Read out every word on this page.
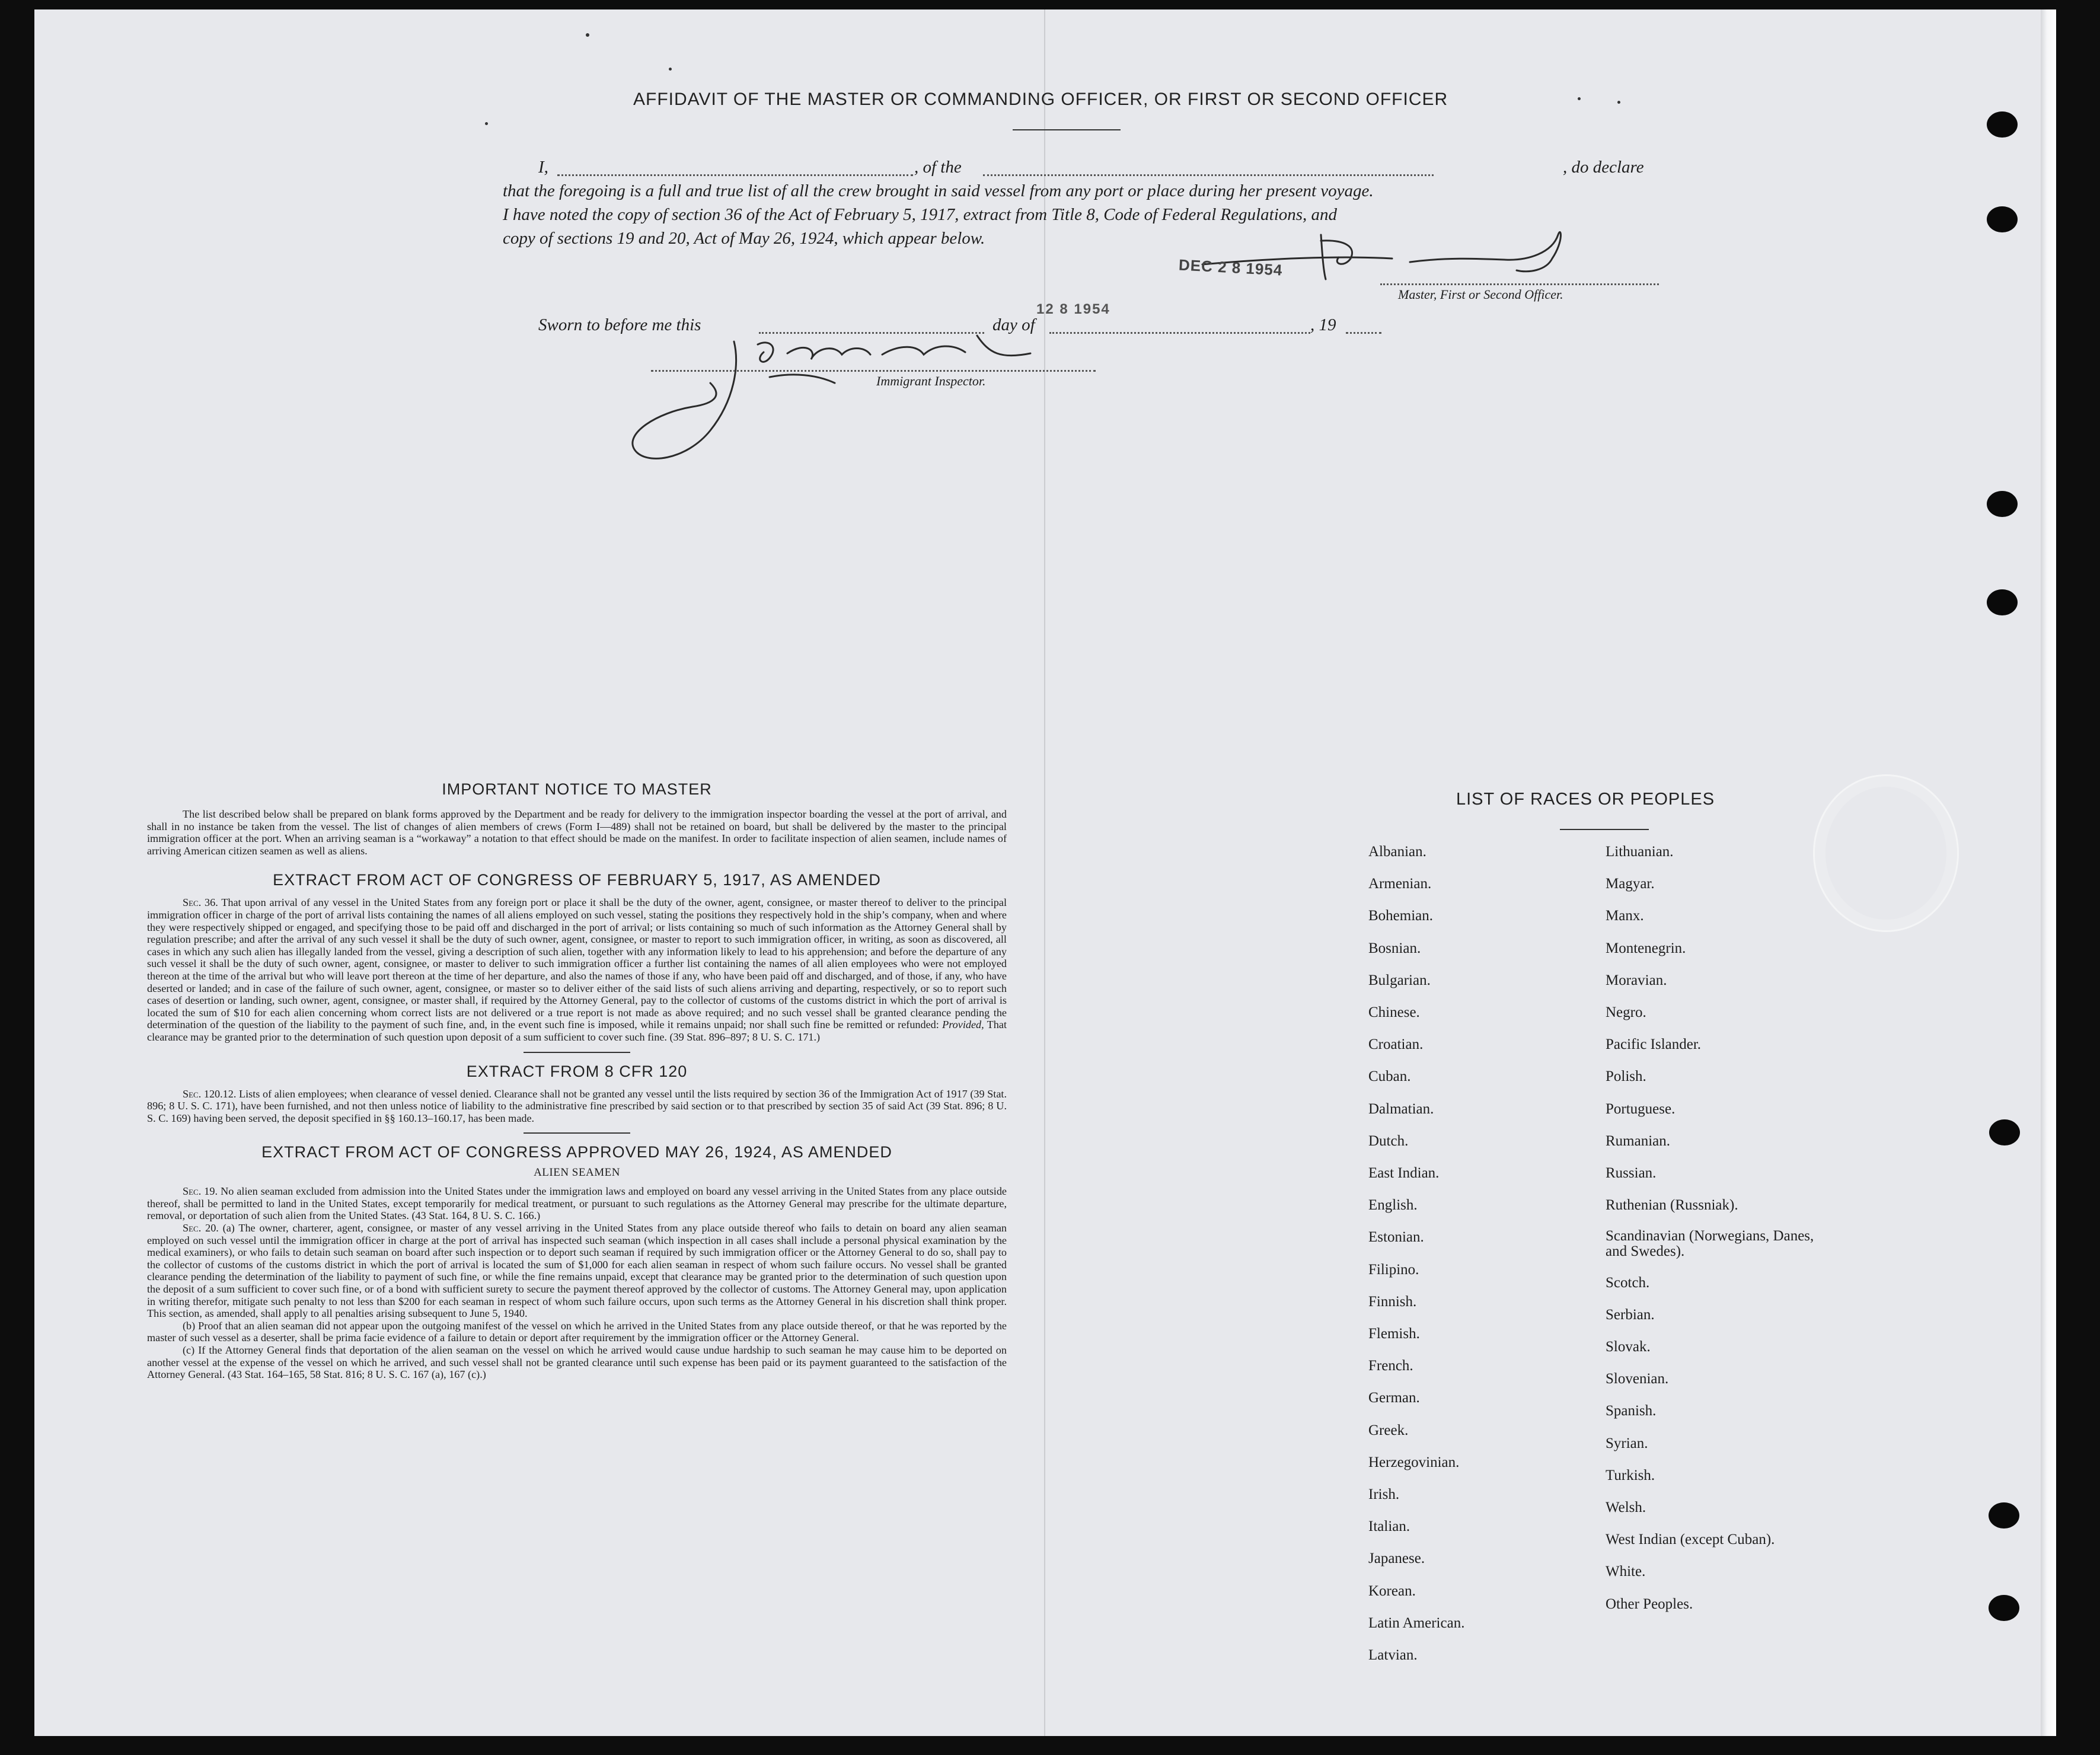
AFFIDAVIT OF THE MASTER OR COMMANDING OFFICER, OR FIRST OR SECOND OFFICER
I,	, of the	, do declare
that the foregoing is a full and true list of all the crew brought in said vessel from any port or place during her present voyage.
I have noted the copy of section 36 of the Act of February 5, 1917, extract from Title 8, Code of Federal Regulations, and
copy of sections 19 and 20, Act of May 26, 1924, which appear below.
DEC 2 8 1954
Master, First or Second Officer.
Sworn to before me this	day of	, 19
12 8 1954
Immigrant Inspector.
IMPORTANT NOTICE TO MASTER

The list described below shall be prepared on blank forms approved by the Department and be ready for delivery to the immigration inspector boarding the vessel at the port of arrival, and shall in no instance be taken from the vessel. The list of changes of alien members of crews (Form I—489) shall not be retained on board, but shall be delivered by the master to the principal immigration officer at the port. When an arriving seaman is a “workaway” a notation to that effect should be made on the manifest. In order to facilitate inspection of alien seamen, include names of arriving American citizen seamen as well as aliens.

EXTRACT FROM ACT OF CONGRESS OF FEBRUARY 5, 1917, AS AMENDED

Sec. 36. That upon arrival of any vessel in the United States from any foreign port or place it shall be the duty of the owner, agent, consignee, or master thereof to deliver to the principal immigration officer in charge of the port of arrival lists containing the names of all aliens employed on such vessel, stating the positions they respectively hold in the ship’s company, when and where they were respectively shipped or engaged, and specifying those to be paid off and discharged in the port of arrival; or lists containing so much of such information as the Attorney General shall by regulation prescribe; and after the arrival of any such vessel it shall be the duty of such owner, agent, consignee, or master to report to such immigration officer, in writing, as soon as discovered, all cases in which any such alien has illegally landed from the vessel, giving a description of such alien, together with any information likely to lead to his apprehension; and before the departure of any such vessel it shall be the duty of such owner, agent, consignee, or master to deliver to such immigration officer a further list containing the names of all alien employees who were not employed thereon at the time of the arrival but who will leave port thereon at the time of her departure, and also the names of those if any, who have been paid off and discharged, and of those, if any, who have deserted or landed; and in case of the failure of such owner, agent, consignee, or master so to deliver either of the said lists of such aliens arriving and departing, respectively, or so to report such cases of desertion or landing, such owner, agent, consignee, or master shall, if required by the Attorney General, pay to the collector of customs of the customs district in which the port of arrival is located the sum of $10 for each alien concerning whom correct lists are not delivered or a true report is not made as above required; and no such vessel shall be granted clearance pending the determination of the question of the liability to the payment of such fine, and, in the event such fine is imposed, while it remains unpaid; nor shall such fine be remitted or refunded: Provided, That clearance may be granted prior to the determination of such question upon deposit of a sum sufficient to cover such fine. (39 Stat. 896–897; 8 U. S. C. 171.)

EXTRACT FROM 8 CFR 120

Sec. 120.12. Lists of alien employees; when clearance of vessel denied. Clearance shall not be granted any vessel until the lists required by section 36 of the Immigration Act of 1917 (39 Stat. 896; 8 U. S. C. 171), have been furnished, and not then unless notice of liability to the administrative fine prescribed by said section or to that prescribed by section 35 of said Act (39 Stat. 896; 8 U. S. C. 169) having been served, the deposit specified in §§ 160.13–160.17, has been made.

EXTRACT FROM ACT OF CONGRESS APPROVED MAY 26, 1924, AS AMENDED
ALIEN SEAMEN

Sec. 19. No alien seaman excluded from admission into the United States under the immigration laws and employed on board any vessel arriving in the United States from any place outside thereof, shall be permitted to land in the United States, except temporarily for medical treatment, or pursuant to such regulations as the Attorney General may prescribe for the ultimate departure, removal, or deportation of such alien from the United States. (43 Stat. 164, 8 U. S. C. 166.)

Sec. 20. (a) The owner, charterer, agent, consignee, or master of any vessel arriving in the United States from any place outside thereof who fails to detain on board any alien seaman employed on such vessel until the immigration officer in charge at the port of arrival has inspected such seaman (which inspection in all cases shall include a personal physical examination by the medical examiners), or who fails to detain such seaman on board after such inspection or to deport such seaman if required by such immigration officer or the Attorney General to do so, shall pay to the collector of customs of the customs district in which the port of arrival is located the sum of $1,000 for each alien seaman in respect of whom such failure occurs. No vessel shall be granted clearance pending the determination of the liability to payment of such fine, or while the fine remains unpaid, except that clearance may be granted prior to the determination of such question upon the deposit of a sum sufficient to cover such fine, or of a bond with sufficient surety to secure the payment thereof approved by the collector of customs. The Attorney General may, upon application in writing therefor, mitigate such penalty to not less than $200 for each seaman in respect of whom such failure occurs, upon such terms as the Attorney General in his discretion shall think proper. This section, as amended, shall apply to all penalties arising subsequent to June 5, 1940.

(b) Proof that an alien seaman did not appear upon the outgoing manifest of the vessel on which he arrived in the United States from any place outside thereof, or that he was reported by the master of such vessel as a deserter, shall be prima facie evidence of a failure to detain or deport after requirement by the immigration officer or the Attorney General.

(c) If the Attorney General finds that deportation of the alien seaman on the vessel on which he arrived would cause undue hardship to such seaman he may cause him to be deported on another vessel at the expense of the vessel on which he arrived, and such vessel shall not be granted clearance until such expense has been paid or its payment guaranteed to the satisfaction of the Attorney General. (43 Stat. 164–165, 58 Stat. 816; 8 U. S. C. 167 (a), 167 (c).)

LIST OF RACES OR PEOPLES
Albanian.
Armenian.
Bohemian.
Bosnian.
Bulgarian.
Chinese.
Croatian.
Cuban.
Dalmatian.
Dutch.
East Indian.
English.
Estonian.
Filipino.
Finnish.
Flemish.
French.
German.
Greek.
Herzegovinian.
Irish.
Italian.
Japanese.
Korean.
Latin American.
Latvian.
Lithuanian.
Magyar.
Manx.
Montenegrin.
Moravian.
Negro.
Pacific Islander.
Polish.
Portuguese.
Rumanian.
Russian.
Ruthenian (Russniak).
Scandinavian (Norwegians, Danes, and Swedes).
Scotch.
Serbian.
Slovak.
Slovenian.
Spanish.
Syrian.
Turkish.
Welsh.
West Indian (except Cuban).
White.
Other Peoples.
